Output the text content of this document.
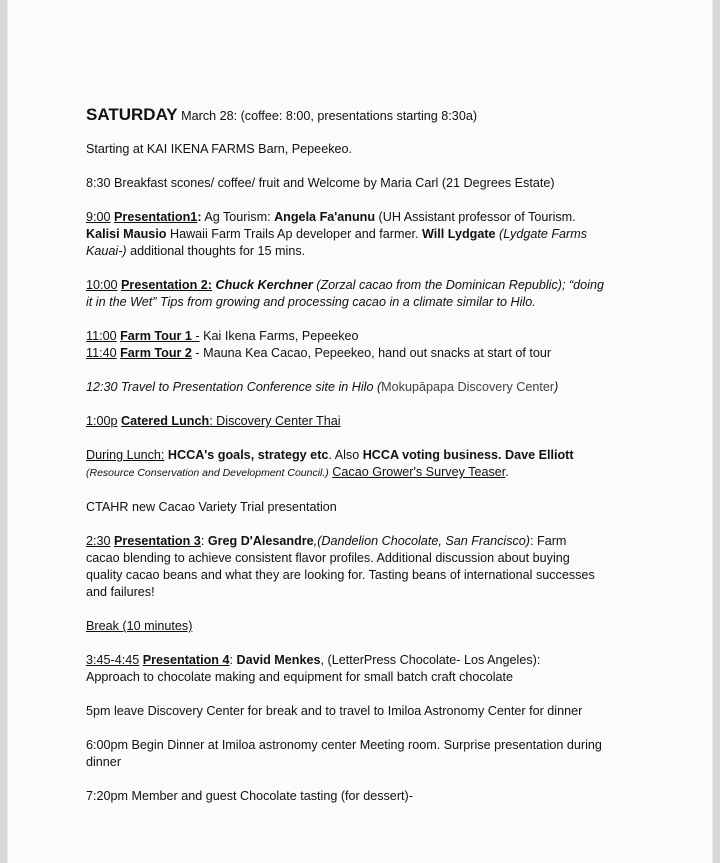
SATURDAY March 28: (coffee: 8:00, presentations starting 8:30a)

Starting at KAI IKENA FARMS Barn, Pepeekeo.

8:30 Breakfast scones/ coffee/ fruit and Welcome by Maria Carl (21 Degrees Estate)

9:00 Presentation1: Ag Tourism: Angela Fa'anunu (UH Assistant professor of Tourism.
Kalisi Mausio Hawaii Farm Trails Ap developer and farmer. Will Lydgate (Lydgate Farms
Kauai-) additional thoughts for 15 mins.

10:00 Presentation 2: Chuck Kerchner (Zorzal cacao from the Dominican Republic); “doing
it in the Wet” Tips from growing and processing cacao in a climate similar to Hilo.

11:00 Farm Tour 1 - Kai Ikena Farms, Pepeekeo

11:40 Farm Tour 2 - Mauna Kea Cacao, Pepeekeo, hand out snacks at start of tour

12:30 Travel to Presentation Conference site in Hilo (Mokupāpapa Discovery Center)

1:00p Catered Lunch: Discovery Center Thai

During Lunch: HCCA's goals, strategy etc. Also HCCA voting business. Dave Elliott
(Resource Conservation and Development Council.) Cacao Grower's Survey Teaser.

CTAHR new Cacao Variety Trial presentation

2:30 Presentation 3: Greg D'Alesandre,(Dandelion Chocolate, San Francisco): Farm
cacao blending to achieve consistent flavor profiles. Additional discussion about buying
quality cacao beans and what they are looking for. Tasting beans of international successes
and failures!

Break (10 minutes)

3:45-4:45 Presentation 4: David Menkes, (LetterPress Chocolate- Los Angeles):
Approach to chocolate making and equipment for small batch craft chocolate

5pm leave Discovery Center for break and to travel to Imiloa Astronomy Center for dinner

6:00pm Begin Dinner at Imiloa astronomy center Meeting room. Surprise presentation during
dinner

7:20pm Member and guest Chocolate tasting (for dessert)-
